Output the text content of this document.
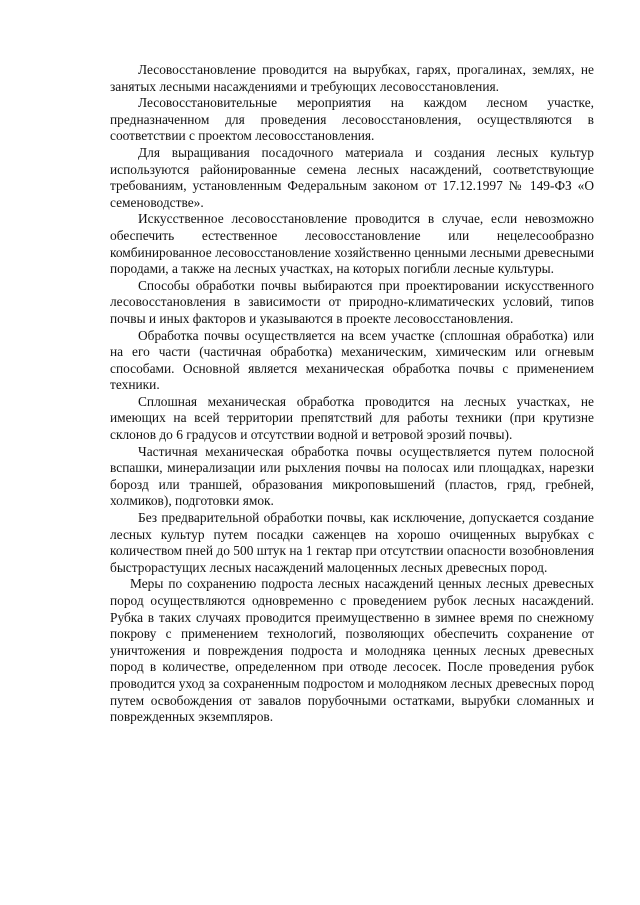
Лесовосстановление проводится на вырубках, гарях, прогалинах, землях, не занятых лесными насаждениями и требующих лесовосстановления.

Лесовосстановительные мероприятия на каждом лесном участке, предназначенном для проведения лесовосстановления, осуществляются в соответствии с проектом лесовосстановления.

Для выращивания посадочного материала и создания лесных культур используются районированные семена лесных насаждений, соответствующие требованиям, установленным Федеральным законом от 17.12.1997 № 149-ФЗ «О семеноводстве».

Искусственное лесовосстановление проводится в случае, если невозможно обеспечить естественное лесовосстановление или нецелесообразно комбинированное лесовосстановление хозяйственно ценными лесными древесными породами, а также на лесных участках, на которых погибли лесные культуры.

Способы обработки почвы выбираются при проектировании искусственного лесовосстановления в зависимости от природно-климатических условий, типов почвы и иных факторов и указываются в проекте лесовосстановления.

Обработка почвы осуществляется на всем участке (сплошная обработка) или на его части (частичная обработка) механическим, химическим или огневым способами. Основной является механическая обработка почвы с применением техники.

Сплошная механическая обработка проводится на лесных участках, не имеющих на всей территории препятствий для работы техники (при крутизне склонов до 6 градусов и отсутствии водной и ветровой эрозий почвы).

Частичная механическая обработка почвы осуществляется путем полосной вспашки, минерализации или рыхления почвы на полосах или площадках, нарезки борозд или траншей, образования микроповышений (пластов, гряд, гребней, холмиков), подготовки ямок.

Без предварительной обработки почвы, как исключение, допускается создание лесных культур путем посадки саженцев на хорошо очищенных вырубках с количеством пней до 500 штук на 1 гектар при отсутствии опасности возобновления быстрорастущих лесных насаждений малоценных лесных древесных пород.

Меры по сохранению подроста лесных насаждений ценных лесных древесных пород осуществляются одновременно с проведением рубок лесных насаждений. Рубка в таких случаях проводится преимущественно в зимнее время по снежному покрову с применением технологий, позволяющих обеспечить сохранение от уничтожения и повреждения подроста и молодняка ценных лесных древесных пород в количестве, определенном при отводе лесосек. После проведения рубок проводится уход за сохраненным подростом и молодняком лесных древесных пород путем освобождения от завалов порубочными остатками, вырубки сломанных и поврежденных экземпляров.
